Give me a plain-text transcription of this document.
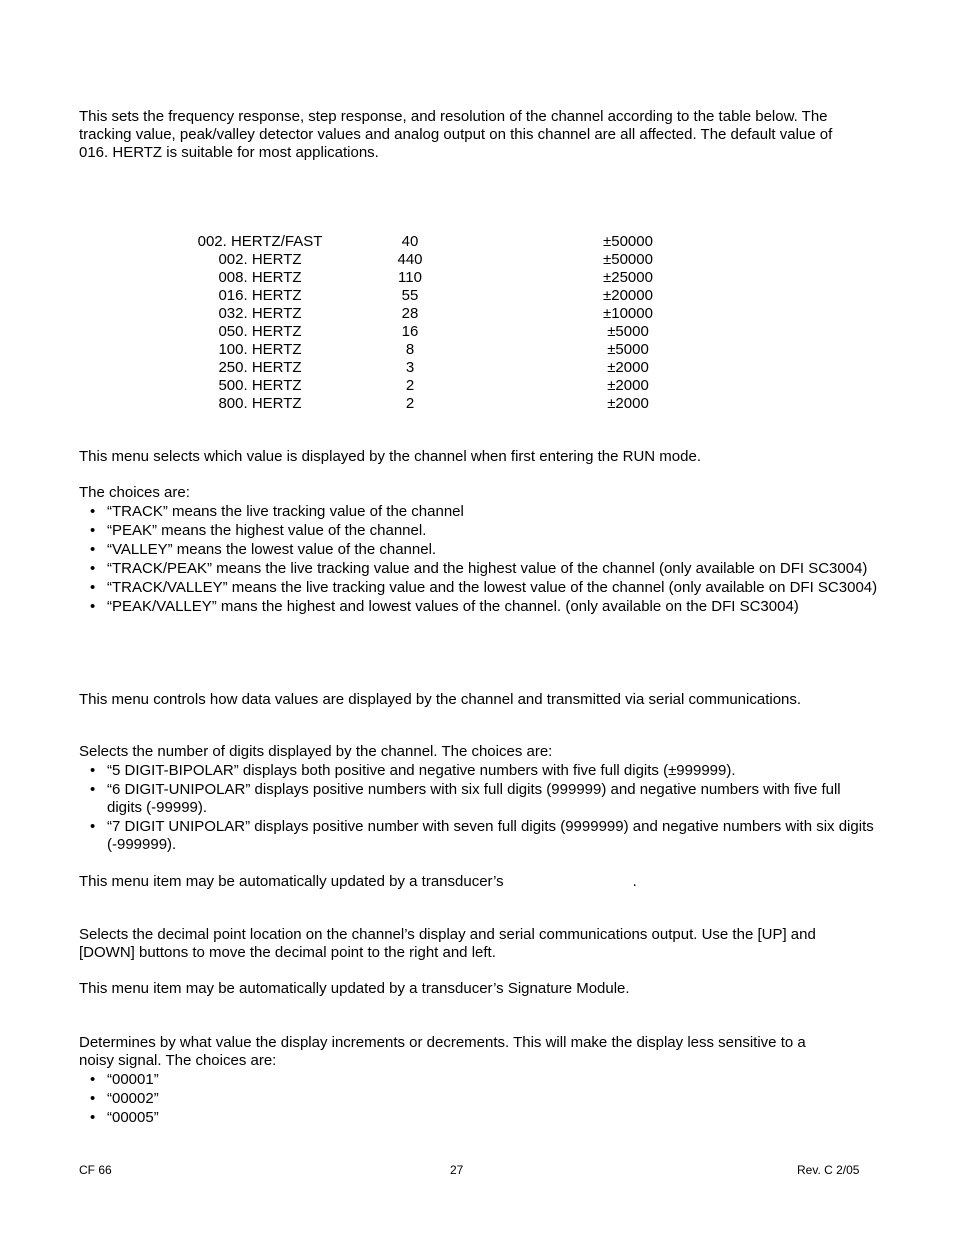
This sets the frequency response, step response, and resolution of the channel according to the table below. The

tracking value, peak/valley detector values and analog output on this channel are all affected. The default value of

016. HERTZ is suitable for most applications.

002. HERTZ/FAST	40	±50000
002. HERTZ	440	±50000
008. HERTZ	110	±25000
016. HERTZ	55	±20000
032. HERTZ	28	±10000
050. HERTZ	16	±5000
100. HERTZ	8	±5000
250. HERTZ	3	±2000
500. HERTZ	2	±2000
800. HERTZ	2	±2000
This menu selects which value is displayed by the channel when first entering the RUN mode.
The choices are:
• “TRACK” means the live tracking value of the channel
• “PEAK” means the highest value of the channel.
• “VALLEY” means the lowest value of the channel.
• “TRACK/PEAK” means the live tracking value and the highest value of the channel (only available on DFI SC3004)
• “TRACK/VALLEY” means the live tracking value and the lowest value of the channel (only available on DFI SC3004)
• “PEAK/VALLEY” mans the highest and lowest values of the channel. (only available on the DFI SC3004)
This menu controls how data values are displayed by the channel and transmitted via serial communications.
Selects the number of digits displayed by the channel. The choices are:
• “5 DIGIT-BIPOLAR” displays both positive and negative numbers with five full digits (±999999).
• “6 DIGIT-UNIPOLAR” displays positive numbers with six full digits (999999) and negative numbers with five full digits (-99999).
• “7 DIGIT UNIPOLAR” displays positive number with seven full digits (9999999) and negative numbers with six digits (-999999).
This menu item may be automatically updated by a transducer’s	.

Selects the decimal point location on the channel’s display and serial communications output. Use the [UP] and

[DOWN] buttons to move the decimal point to the right and left.

This menu item may be automatically updated by a transducer’s Signature Module.

Determines by what value the display increments or decrements. This will make the display less sensitive to a

noisy signal. The choices are:

• “00001”
• “00002”
• “00005”
CF 66	27	Rev. C 2/05
